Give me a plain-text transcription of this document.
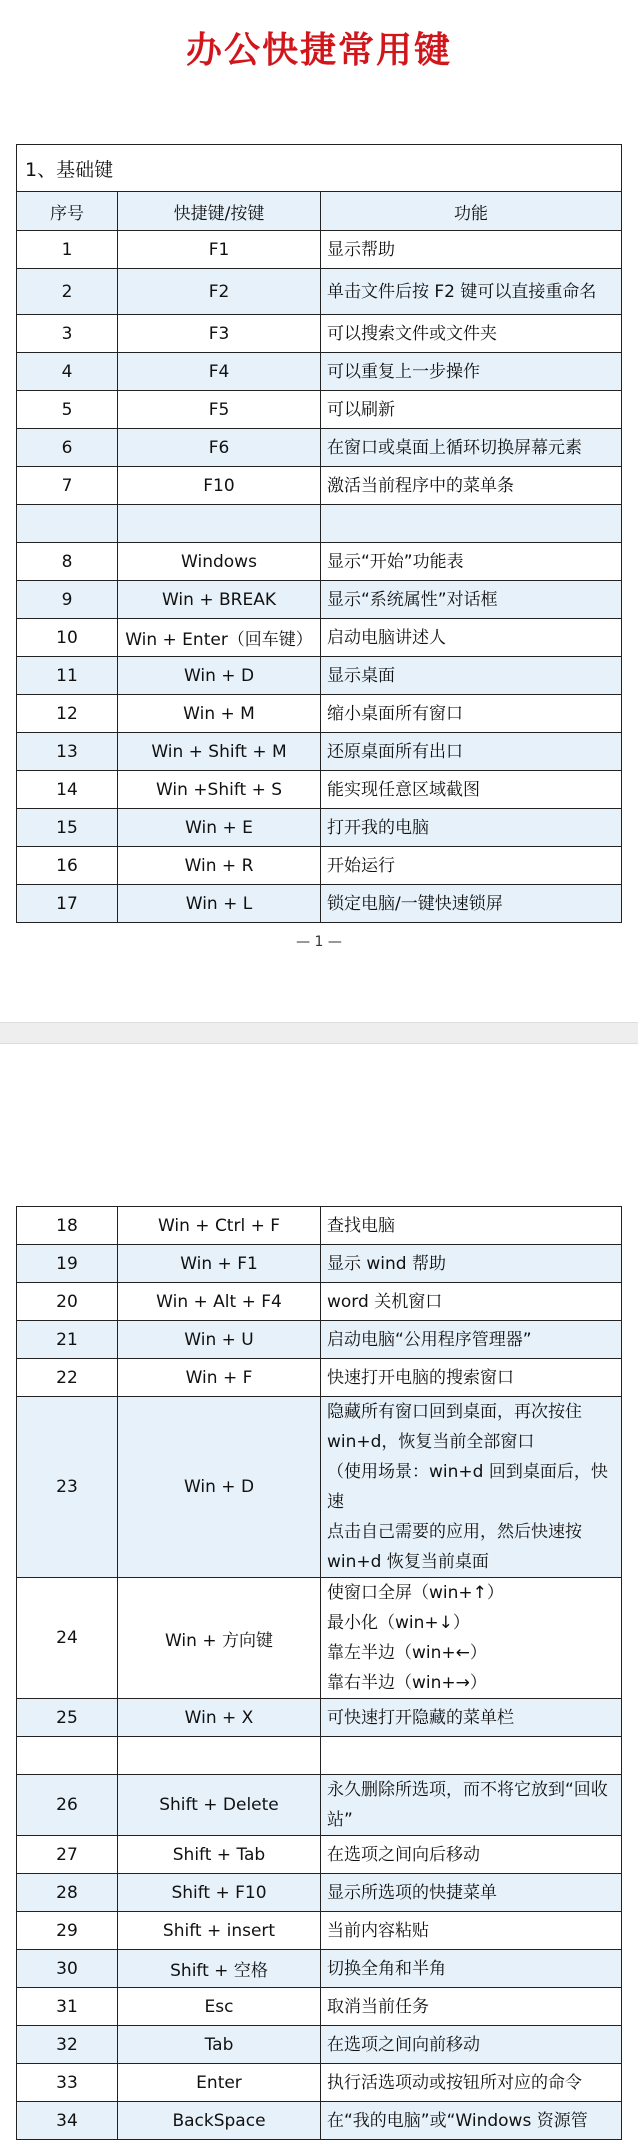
办公快捷常用键
1、基础键		
序号	快捷键/按键	功能
1	F1	显示帮助
2	F2	单击文件后按 F2 键可以直接重命名
3	F3	可以搜索文件或文件夹
4	F4	可以重复上一步操作
5	F5	可以刷新
6	F6	在窗口或桌面上循环切换屏幕元素
7	F10	激活当前程序中的菜单条

8	Windows	显示“开始”功能表
9	Win + BREAK	显示“系统属性”对话框
10	Win + Enter（回车键）	启动电脑讲述人
11	Win + D	显示桌面
12	Win + M	缩小桌面所有窗口
13	Win + Shift + M	还原桌面所有出口
14	Win +Shift + S	能实现任意区域截图
15	Win + E	打开我的电脑
16	Win + R	开始运行
17	Win + L	锁定电脑/一键快速锁屏
— 1 —
18	Win + Ctrl + F	查找电脑
19	Win + F1	显示 wind 帮助
20	Win + Alt + F4	word 关机窗口
21	Win + U	启动电脑“公用程序管理器”
22	Win + F	快速打开电脑的搜索窗口
23	Win + D	隐藏所有窗口回到桌面，再次按住
win+d，恢复当前全部窗口
（使用场景：win+d 回到桌面后，快速
点击自己需要的应用，然后快速按
win+d 恢复当前桌面

24	Win + 方向键	使窗口全屏（win+↑）
最小化（win+↓）
靠左半边（win+←）
靠右半边（win+→）

25	Win + X	可快速打开隐藏的菜单栏

26	Shift + Delete	永久删除所选项，而不将它放到“回收
站”

27	Shift + Tab	在选项之间向后移动
28	Shift + F10	显示所选项的快捷菜单
29	Shift + insert	当前内容粘贴
30	Shift + 空格	切换全角和半角
31	Esc	取消当前任务
32	Tab	在选项之间向前移动
33	Enter	执行活选项动或按钮所对应的命令
34	BackSpace	在“我的电脑”或“Windows 资源管
